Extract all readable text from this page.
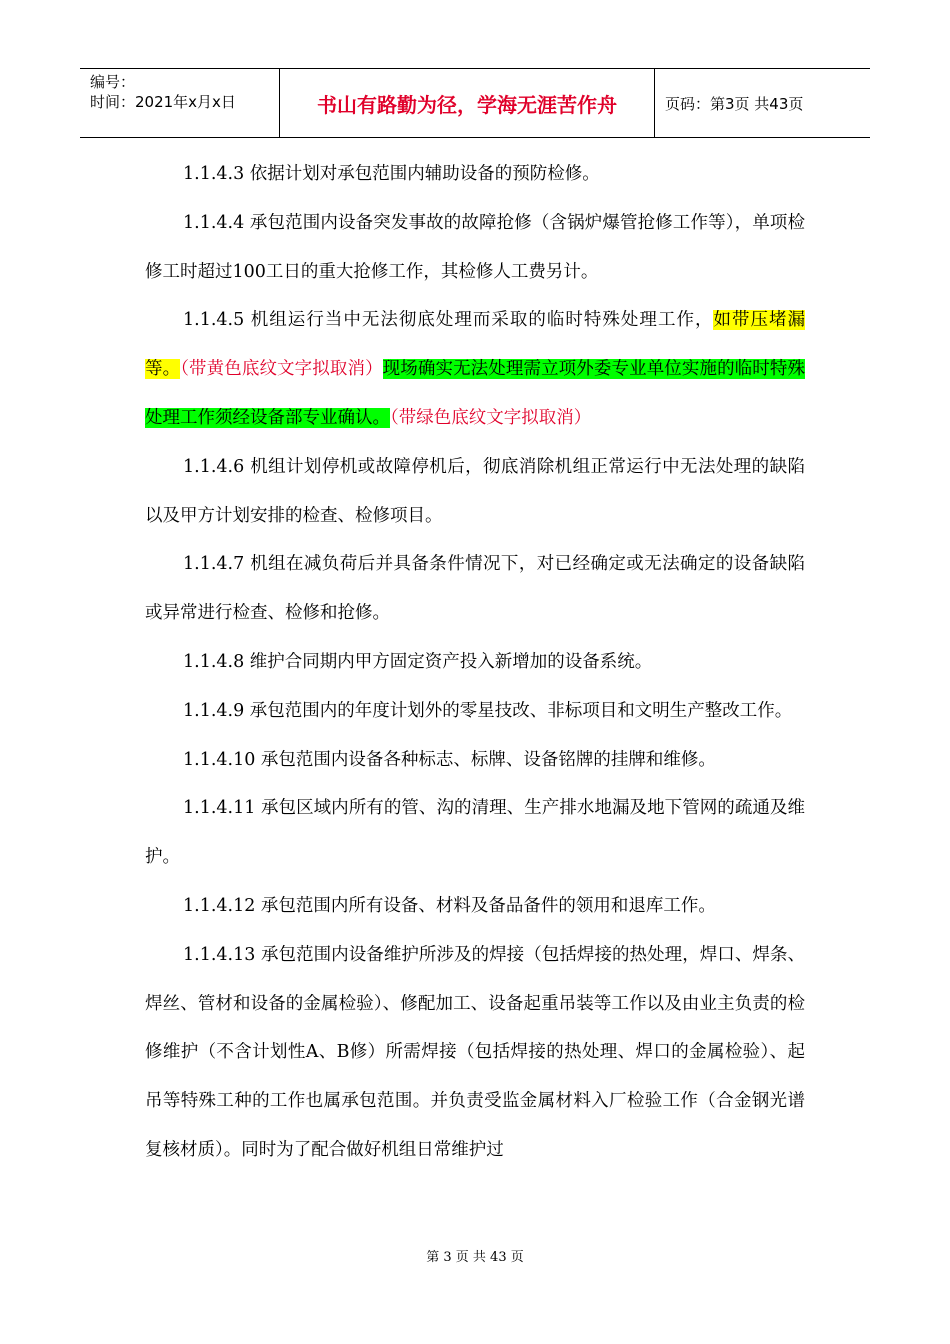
编号：
时间：2021年x月x日	书山有路勤为径，学海无涯苦作舟	页码：第3页 共43页

1.1.4.3 依据计划对承包范围内辅助设备的预防检修。

1.1.4.4 承包范围内设备突发事故的故障抢修（含锅炉爆管抢修工作等），单项检修工时超过100工日的重大抢修工作，其检修人工费另计。

1.1.4.5 机组运行当中无法彻底处理而采取的临时特殊处理工作，如带压堵漏等。（带黄色底纹文字拟取消）现场确实无法处理需立项外委专业单位实施的临时特殊处理工作须经设备部专业确认。（带绿色底纹文字拟取消）

1.1.4.6 机组计划停机或故障停机后，彻底消除机组正常运行中无法处理的缺陷以及甲方计划安排的检查、检修项目。

1.1.4.7 机组在减负荷后并具备条件情况下，对已经确定或无法确定的设备缺陷或异常进行检查、检修和抢修。

1.1.4.8 维护合同期内甲方固定资产投入新增加的设备系统。

1.1.4.9 承包范围内的年度计划外的零星技改、非标项目和文明生产整改工作。

1.1.4.10 承包范围内设备各种标志、标牌、设备铭牌的挂牌和维修。

1.1.4.11 承包区域内所有的管、沟的清理、生产排水地漏及地下管网的疏通及维护。

1.1.4.12 承包范围内所有设备、材料及备品备件的领用和退库工作。

1.1.4.13 承包范围内设备维护所涉及的焊接（包括焊接的热处理，焊口、焊条、焊丝、管材和设备的金属检验）、修配加工、设备起重吊装等工作以及由业主负责的检修维护（不含计划性A、B修）所需焊接（包括焊接的热处理、焊口的金属检验）、起吊等特殊工种的工作也属承包范围。并负责受监金属材料入厂检验工作（合金钢光谱复核材质）。同时为了配合做好机组日常维护过

第 3 页 共 43 页
